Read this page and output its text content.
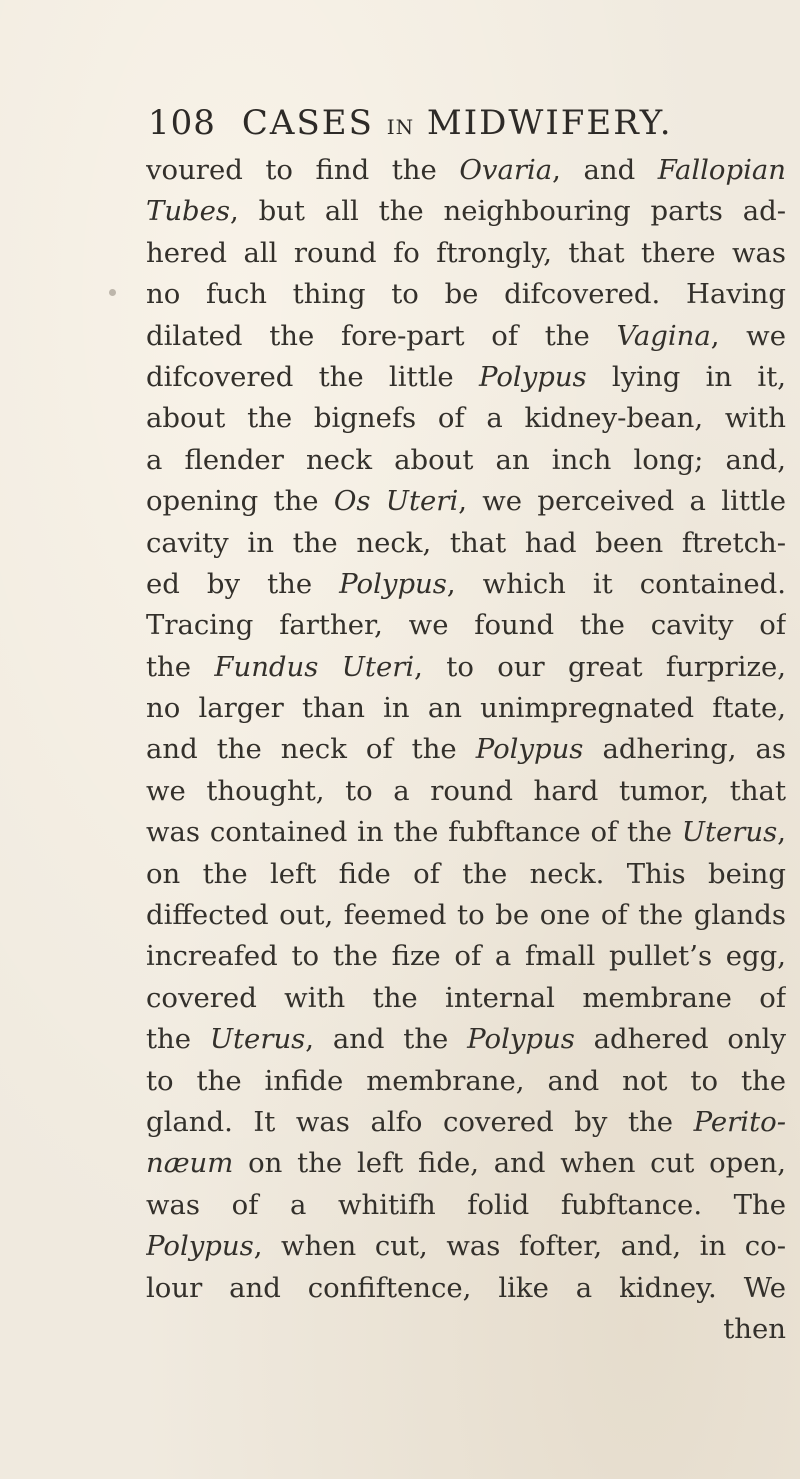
108 CASES IN MIDWIFERY.
voured to find the Ovaria, and Fallopian
Tubes, but all the neighbouring parts ad-
hered all round fo ftrongly, that there was
no fuch thing to be difcovered. Having
dilated the fore-part of the Vagina, we
difcovered the little Polypus lying in it,
about the bignefs of a kidney-bean, with
a flender neck about an inch long; and,
opening the Os Uteri, we perceived a little
cavity in the neck, that had been ftretch-
ed by the Polypus, which it contained.
Tracing farther, we found the cavity of
the Fundus Uteri, to our great furprize,
no larger than in an unimpregnated ftate,
and the neck of the Polypus adhering, as
we thought, to a round hard tumor, that
was contained in the fubftance of the Uterus,
on the left fide of the neck. This being
diffected out, feemed to be one of the glands
increafed to the fize of a fmall pullet’s egg,
covered with the internal membrane of
the Uterus, and the Polypus adhered only
to the infide membrane, and not to the
gland. It was alfo covered by the Perito-
næum on the left fide, and when cut open,
was of a whitifh folid fubftance. The
Polypus, when cut, was fofter, and, in co-
lour and confiftence, like a kidney. We
then
